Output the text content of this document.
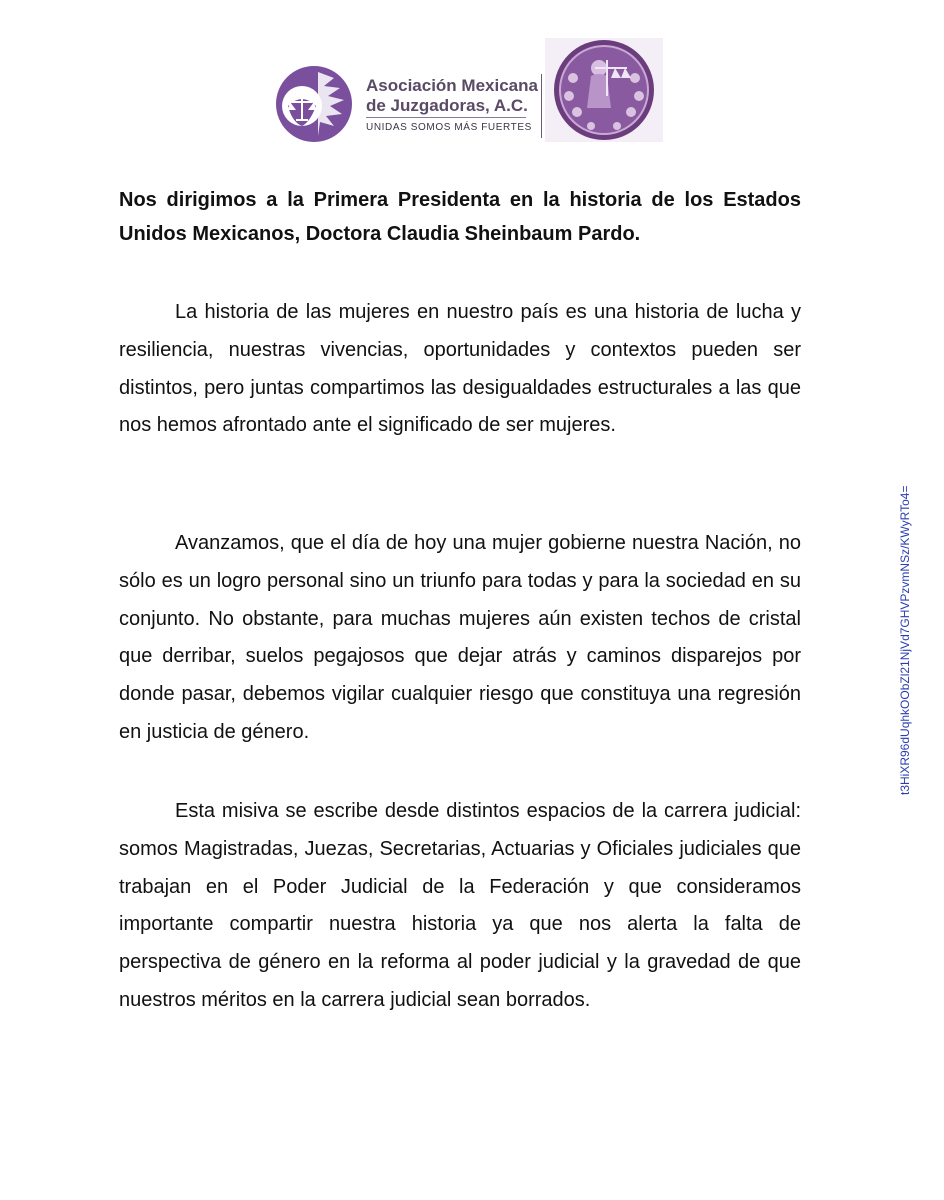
Asociación Mexicana
de Juzgadoras, A.C.
UNIDAS SOMOS MÁS FUERTES
Nos dirigimos a la Primera Presidenta en la historia de los Estados Unidos Mexicanos, Doctora Claudia Sheinbaum Pardo.
La historia de las mujeres en nuestro país es una historia de lucha y resiliencia, nuestras vivencias, oportunidades y contextos pueden ser distintos, pero juntas compartimos las desigualdades estructurales a las que nos hemos afrontado ante el significado de ser mujeres.
Avanzamos, que el día de hoy una mujer gobierne nuestra Nación, no sólo es un logro personal sino un triunfo para todas y para la sociedad en su conjunto. No obstante, para muchas mujeres aún existen techos de cristal que derribar, suelos pegajosos que dejar atrás y caminos disparejos por donde pasar, debemos vigilar cualquier riesgo que constituya una regresión en justicia de género.
Esta misiva se escribe desde distintos espacios de la carrera judicial: somos Magistradas, Juezas, Secretarias, Actuarias y Oficiales judiciales que trabajan en el Poder Judicial de la Federación y que consideramos importante compartir nuestra historia ya que nos alerta la falta de perspectiva de género en la reforma al poder judicial y la gravedad de que nuestros méritos en la carrera judicial sean borrados.
t3HiXR96dUqhkOObZl21NjVd7GHVPzvmNSz/KWyRTo4=
